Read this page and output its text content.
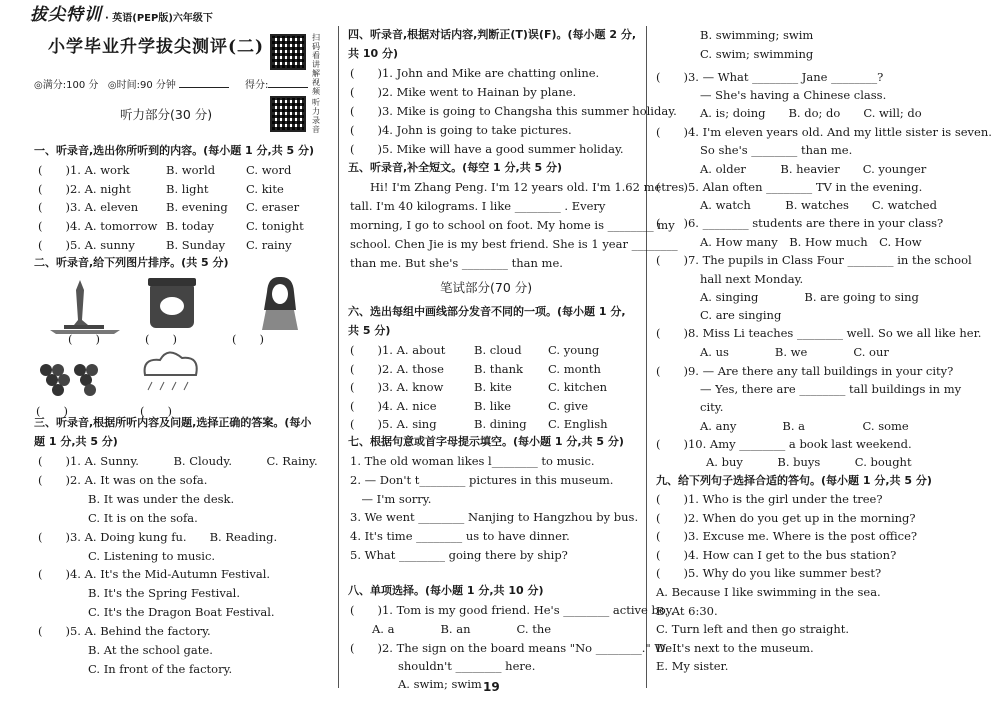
拔尖特训 · 英语(PEP版)六年级下
小学毕业升学拔尖测评(二)	扫码看讲解视频
听力录音
◎满分:100 分 ◎时间:90 分钟	得分:
听力部分(30 分)
一、听录音,选出你所听到的内容。(每小题 1 分,共 5 分)
二、听录音,给下列图片排序。(共 5 分)
(　　)	(　　)	(　　)
(　　)	(　　)
三、听录音,根据所听内容及问题,选择正确的答案。(每小
题 1 分,共 5 分)
四、听录音,根据对话内容,判断正(T)误(F)。(每小题 2 分,
共 10 分)
五、听录音,补全短文。(每空 1 分,共 5 分)
笔试部分(70 分)
六、选出每组中画线部分发音不同的一项。(每小题 1 分,
共 5 分)
七、根据句意或首字母提示填空。(每小题 1 分,共 5 分)
八、单项选择。(每小题 1 分,共 10 分)
19
(　　)1. A. work	B. world	C. word
(　　)2. A. night	B. light	C. kite
(　　)3. A. eleven B. evening C. eraser
(　　)4. A. tomorrow B. today	C. tonight
(　　)5. A. sunny	B. Sunday C. rainy
(　　)1. A. Sunny.　　　B. Cloudy.　　　C. Rainy.
(　　)2. A. It was on the sofa.
B. It was under the desk.
C. It is on the sofa.
(　　)3. A. Doing kung fu.　　B. Reading.
C. Listening to music.
(　　)4. A. It's the Mid-Autumn Festival.
B. It's the Spring Festival.
C. It's the Dragon Boat Festival.
(　　)5. A. Behind the factory.
B. At the school gate.
C. In front of the factory.
(　　)1. John and Mike are chatting online.
(　　)2. Mike went to Hainan by plane.
(　　)3. Mike is going to Changsha this summer holiday.
(　　)4. John is going to take pictures.
(　　)5. Mike will have a good summer holiday.
Hi! I'm Zhang Peng. I'm 12 years old. I'm 1.62 metres
tall. I'm 40 kilograms. I like ________ . Every
morning, I go to school on foot. My home is ________ my
school. Chen Jie is my best friend. She is 1 year ________
than me. But she's ________ than me.
(　　)1. A. about B. cloud C. young
(　　)2. A. those	B. thank C. month
(　　)3. A. know	B. kite	C. kitchen
(　　)4. A. nice	B. like	C. give
(　　)5. A. sing	B. dining C. English
1. The old woman likes l________ to music.
2. — Don't t________ pictures in this museum.
　— I'm sorry.
3. We went ________ Nanjing to Hangzhou by bus.
4. It's time ________ us to have dinner.
5. What ________ going there by ship?
(　　)1. Tom is my good friend. He's ________ active boy.
A. a　　　　B. an　　　　C. the
(　　)2. The sign on the board means "No ________." We
shouldn't ________ here.
A. swim; swim
B. swimming; swim
C. swim; swimming
(　　)3. — What ________ Jane ________?
— She's having a Chinese class.
A. is; doing　　B. do; do　　C. will; do
(　　)4. I'm eleven years old. And my little sister is seven.
So she's ________ than me.
A. older　　　B. heavier　　C. younger
(　　)5. Alan often ________ TV in the evening.
A. watch　　　B. watches　　C. watched
(　　)6. ________ students are there in your class?
A. How many　B. How much　C. How
(　　)7. The pupils in Class Four ________ in the school
hall next Monday.
A. singing　　　　B. are going to sing
C. are singing
(　　)8. Miss Li teaches ________ well. So we all like her.
A. us　　　　B. we　　　　C. our
(　　)9. — Are there any tall buildings in your city?
— Yes, there are ________ tall buildings in my
city.
A. any　　　　B. a　　　　　C. some
(　　)10. Amy ________ a book last weekend.
A. buy　　　B. buys　　　C. bought
九、给下列句子选择合适的答句。(每小题 1 分,共 5 分)
(　　)1. Who is the girl under the tree?
(　　)2. When do you get up in the morning?
(　　)3. Excuse me. Where is the post office?
(　　)4. How can I get to the bus station?
(　　)5. Why do you like summer best?
A. Because I like swimming in the sea.
B. At 6:30.
C. Turn left and then go straight.
D. It's next to the museum.
E. My sister.
